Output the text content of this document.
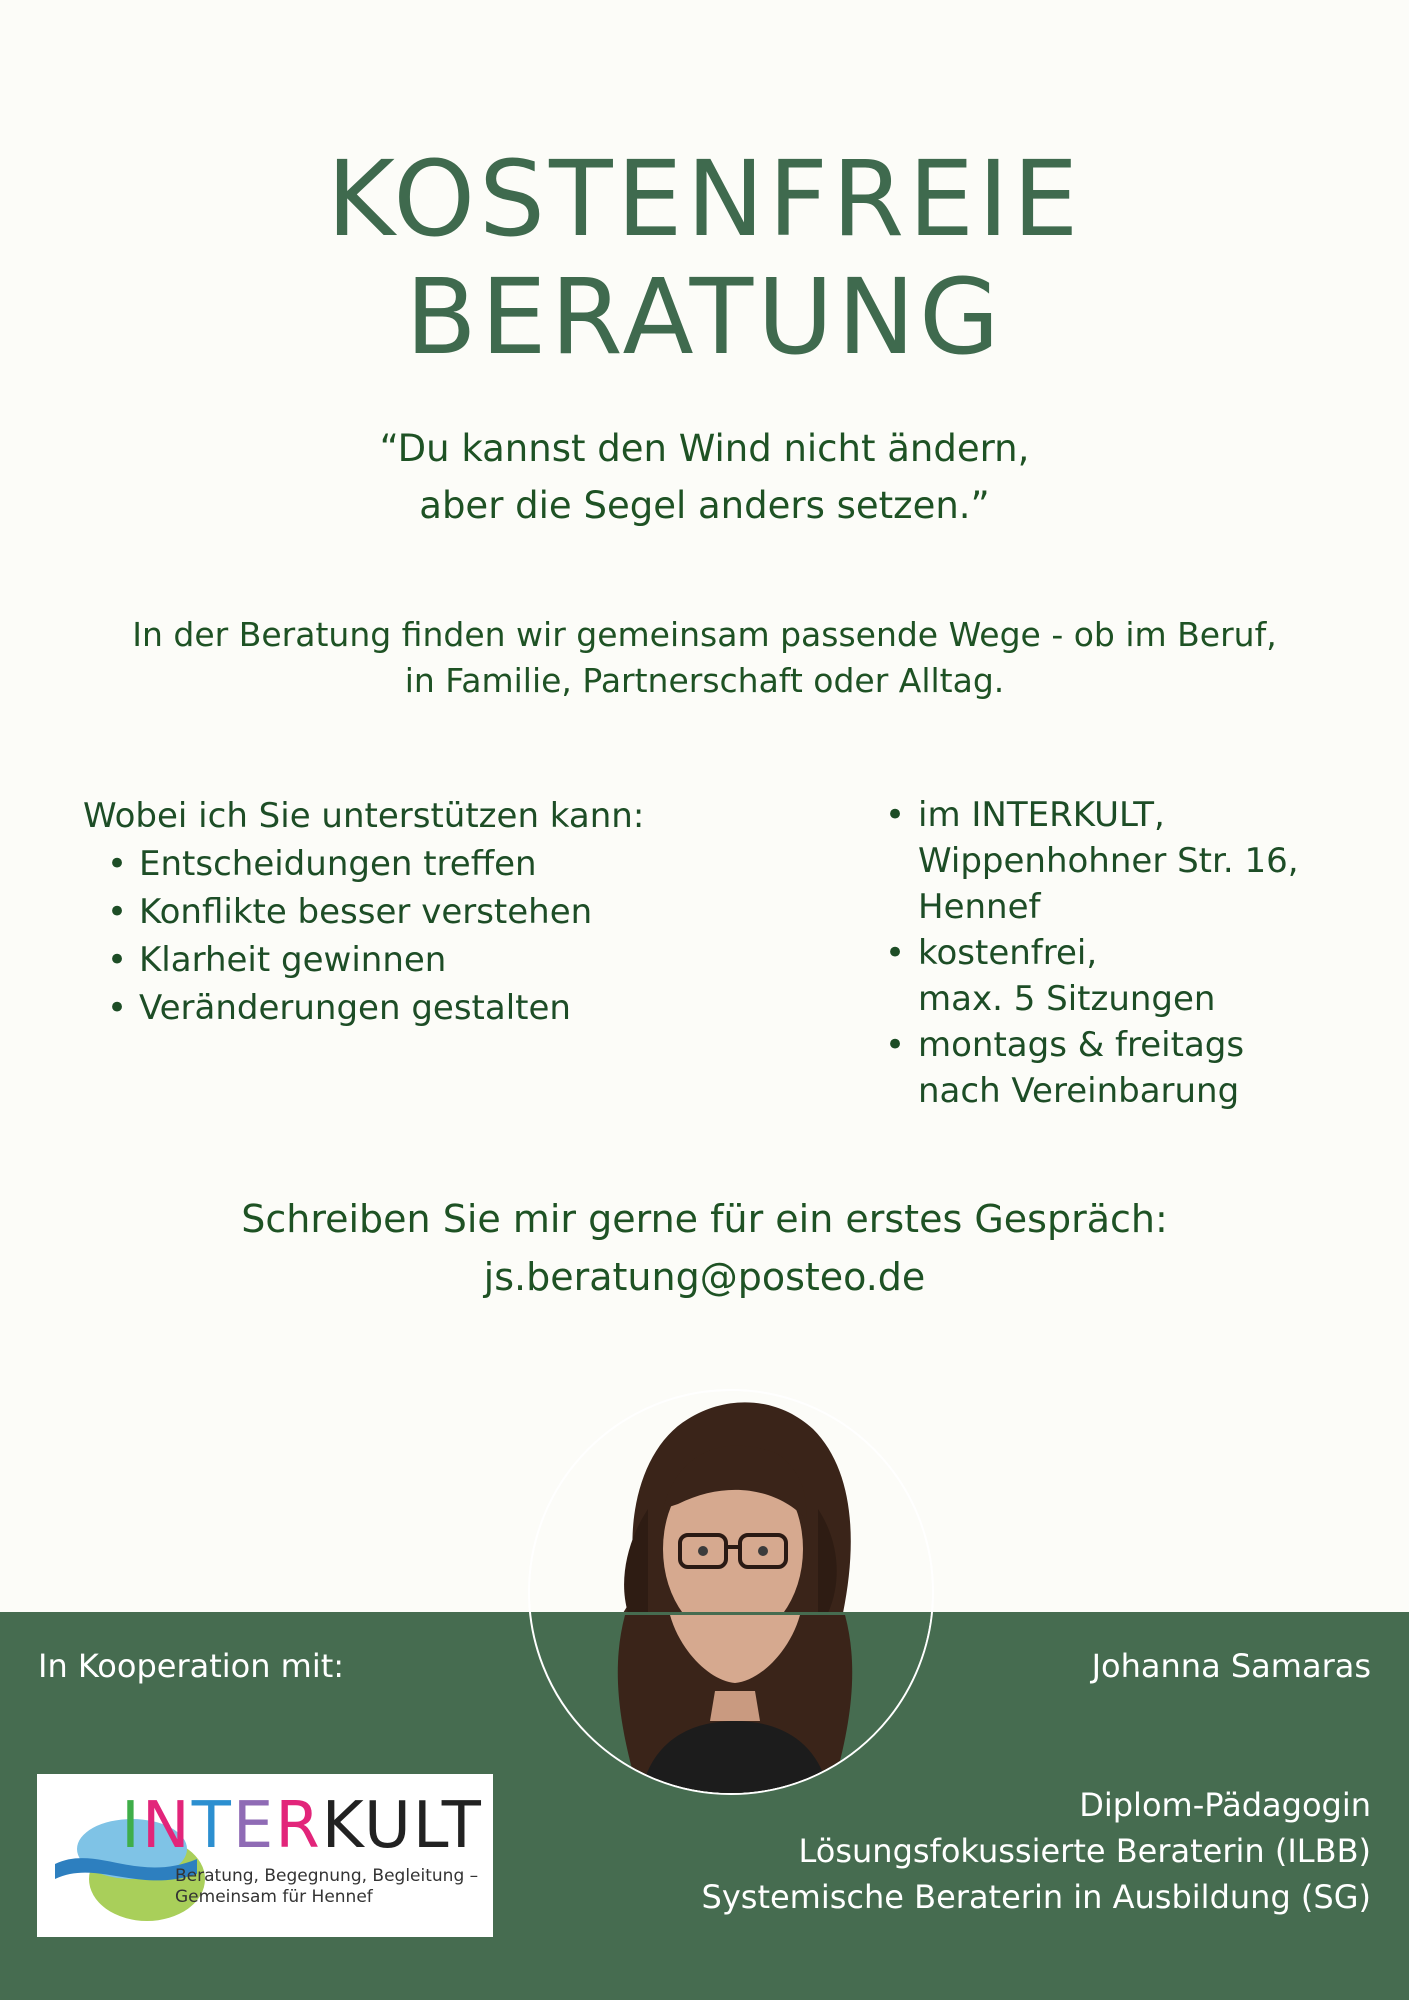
KOSTENFREIE
BERATUNG
“Du kannst den Wind nicht ändern,
aber die Segel anders setzen.”
In der Beratung finden wir gemeinsam passende Wege - ob im Beruf,
in Familie, Partnerschaft oder Alltag.
Wobei ich Sie unterstützen kann:
• Entscheidungen treffen
• Konflikte besser verstehen
• Klarheit gewinnen
• Veränderungen gestalten
• im INTERKULT,
Wippenhohner Str. 16,
Hennef
• kostenfrei,
max. 5 Sitzungen
• montags & freitags
nach Vereinbarung
Schreiben Sie mir gerne für ein erstes Gespräch:
js.beratung@posteo.de
In Kooperation mit:	Johanna Samaras
INTERKULT
Beratung, Begegnung, Begleitung –
Gemeinsam für Hennef
Diplom-Pädagogin
Lösungsfokussierte Beraterin (ILBB)
Systemische Beraterin in Ausbildung (SG)
